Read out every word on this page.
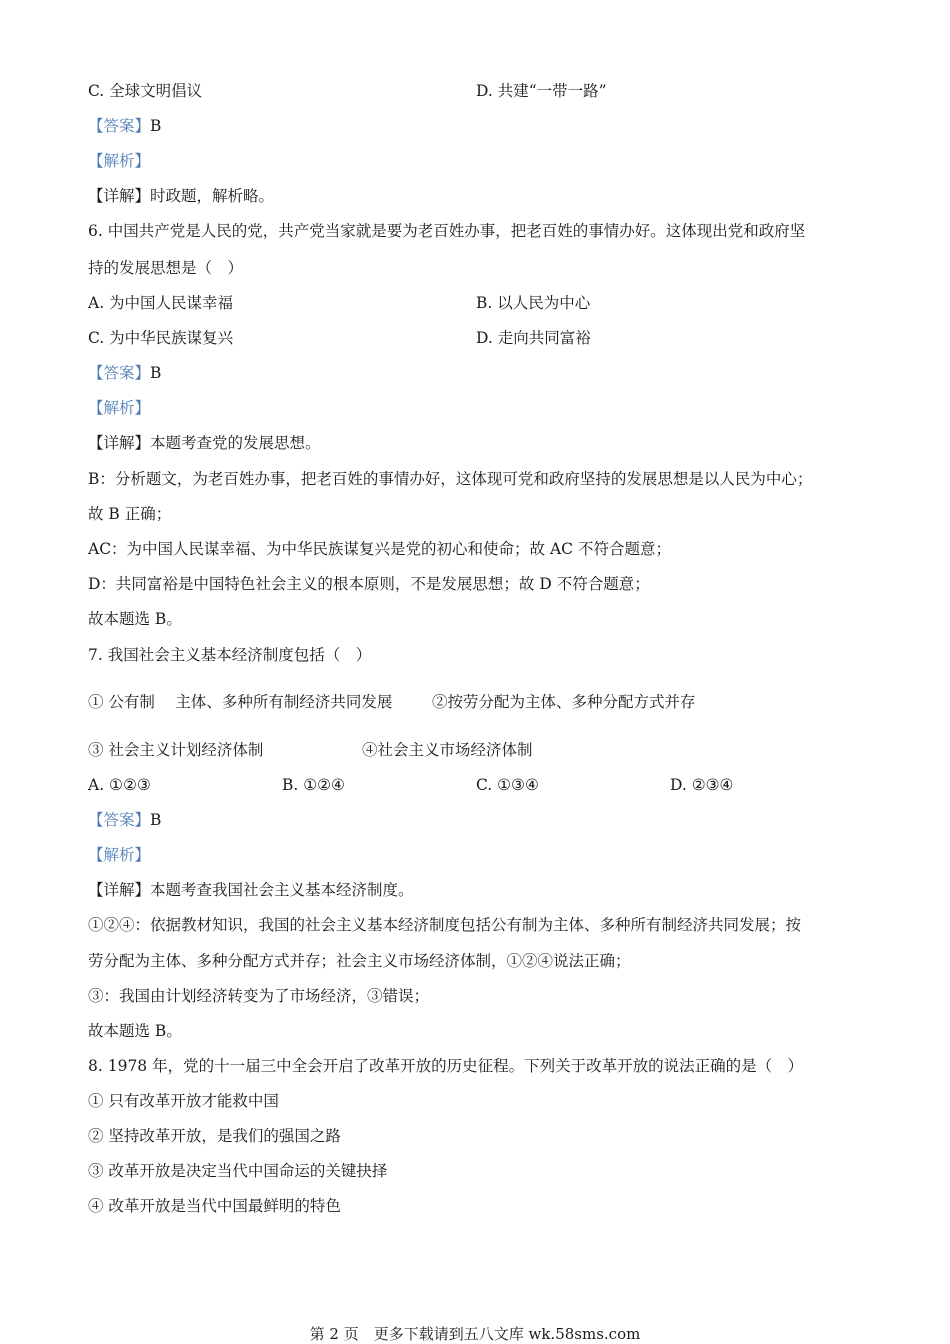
C. 全球文明倡议	D. 共建“一带一路”
【答案】B
【解析】
【详解】时政题，解析略。
6. 中国共产党是人民的党，共产党当家就是要为老百姓办事，把老百姓的事情办好。这体现出党和政府坚
持的发展思想是（　）
A. 为中国人民谋幸福	B. 以人民为中心
C. 为中华民族谋复兴	D. 走向共同富裕
【答案】B
【解析】
【详解】本题考查党的发展思想。
B：分析题文，为老百姓办事，把老百姓的事情办好，这体现可党和政府坚持的发展思想是以人民为中心；
故 B 正确；
AC：为中国人民谋幸福、为中华民族谋复兴是党的初心和使命；故 AC 不符合题意；
D：共同富裕是中国特色社会主义的根本原则，不是发展思想；故 D 不符合题意；
故本题选 B。
7. 我国社会主义基本经济制度包括（　）
① 公有制　 主体、多种所有制经济共同发展	②按劳分配为主体、多种分配方式并存
③ 社会主义计划经济体制	④社会主义市场经济体制
A. ①②③	B. ①②④	C. ①③④	D. ②③④
【答案】B
【解析】
【详解】本题考查我国社会主义基本经济制度。
①②④：依据教材知识，我国的社会主义基本经济制度包括公有制为主体、多种所有制经济共同发展；按
劳分配为主体、多种分配方式并存；社会主义市场经济体制，①②④说法正确；
③：我国由计划经济转变为了市场经济，③错误；
故本题选 B。
8. 1978 年，党的十一届三中全会开启了改革开放的历史征程。下列关于改革开放的说法正确的是（　）
① 只有改革开放才能救中国
② 坚持改革开放，是我们的强国之路
③ 改革开放是决定当代中国命运的关键抉择
④ 改革开放是当代中国最鲜明的特色
第 2 页　更多下载请到五八文库 wk.58sms.com
